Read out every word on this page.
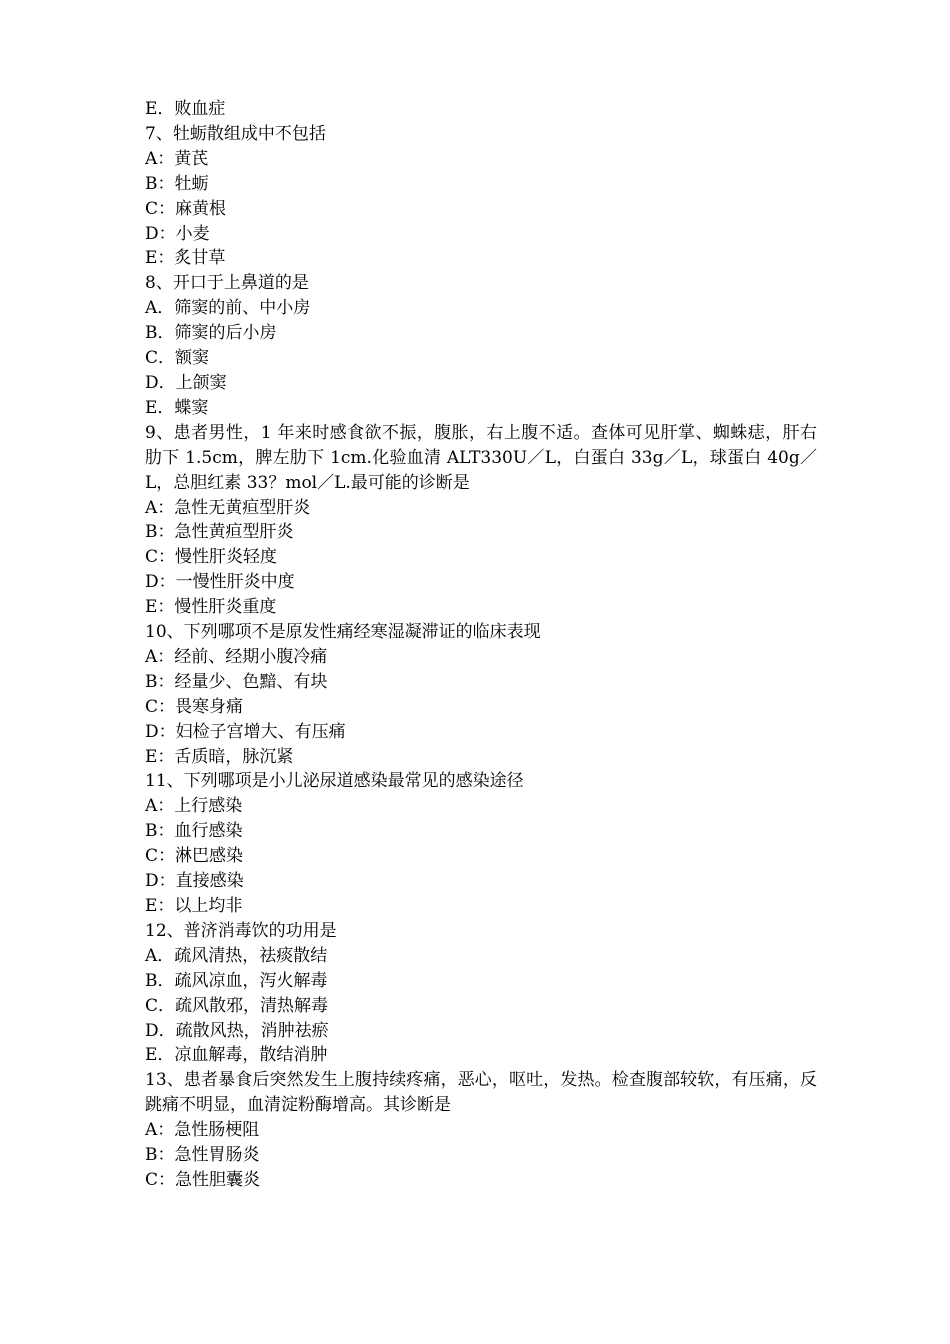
E．败血症

7、牡蛎散组成中不包括

A：黄芪

B：牡蛎

C：麻黄根

D：小麦

E：炙甘草

8、开口于上鼻道的是

A．筛窦的前、中小房

B．筛窦的后小房

C．额窦

D．上颌窦

E．蝶窦

9、患者男性，1 年来时感食欲不振，腹胀，右上腹不适。查体可见肝掌、蜘蛛痣，肝右肋下 1.5cm，脾左肋下 1cm.化验血清 ALT330U／L，白蛋白 33g／L，球蛋白 40g／L，总胆红素 33？mol／L.最可能的诊断是

A：急性无黄疸型肝炎

B：急性黄疸型肝炎

C：慢性肝炎轻度

D：一慢性肝炎中度

E：慢性肝炎重度

10、下列哪项不是原发性痛经寒湿凝滞证的临床表现

A：经前、经期小腹冷痛

B：经量少、色黯、有块

C：畏寒身痛

D：妇检子宫增大、有压痛

E：舌质暗，脉沉紧

11、下列哪项是小儿泌尿道感染最常见的感染途径

A：上行感染

B：血行感染

C：淋巴感染

D：直接感染

E：以上均非

12、普济消毒饮的功用是

A．疏风清热，祛痰散结

B．疏风凉血，泻火解毒

C．疏风散邪，清热解毒

D．疏散风热，消肿祛瘀

E．凉血解毒，散结消肿

13、患者暴食后突然发生上腹持续疼痛，恶心，呕吐，发热。检查腹部较软，有压痛，反跳痛不明显，血清淀粉酶增高。其诊断是

A：急性肠梗阻

B：急性胃肠炎

C：急性胆囊炎
